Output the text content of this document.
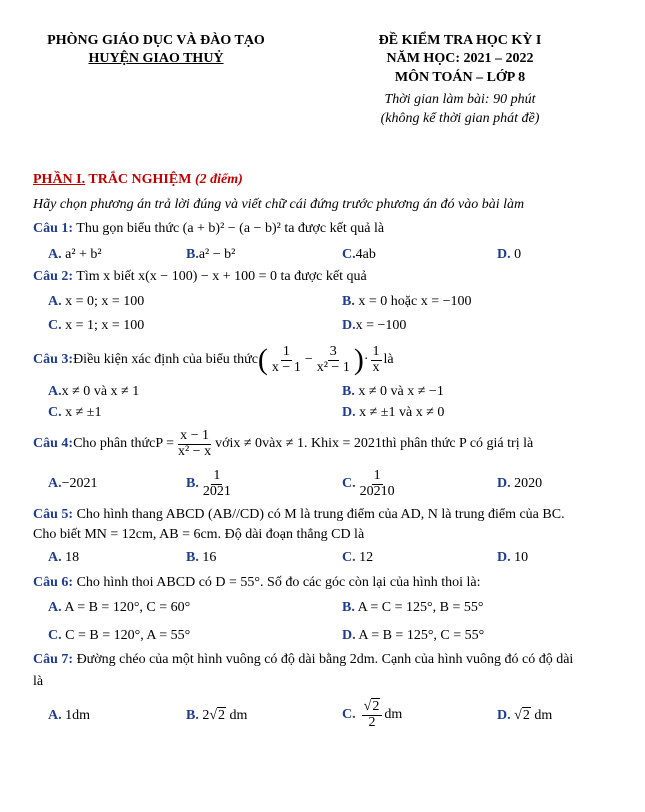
PHÒNG GIÁO DỤC VÀ ĐÀO TẠO
HUYỆN GIAO THUỶ
ĐỀ KIỂM TRA HỌC KỲ I
NĂM HỌC: 2021 – 2022
MÔN TOÁN – LỚP 8
Thời gian làm bài: 90 phút
(không kể thời gian phát đề)
PHẦN I. TRẮC NGHIỆM (2 điểm)
Hãy chọn phương án trả lời đúng và viết chữ cái đứng trước phương án đó vào bài làm
Câu 1: Thu gọn biểu thức (a + b)² − (a − b)² ta được kết quả là
A. a² + b²	B.a² − b²	C.4ab	D. 0
Câu 2: Tìm x biết x(x − 100) − x + 100 = 0 ta được kết quả
A. x = 0; x = 100	B. x = 0 hoặc x = −100
C. x = 1; x = 100	D.x = −100
Câu 3: Điều kiện xác định của biểu thức ( $\frac{1}{x - 1} - \frac{3}{\text{x² − 1}}$ ) · $\frac{1}{x}$ là
A.x ≠ 0 và x ≠ 1	B. x ≠ 0 và x ≠ −1
C. x ≠ ±1	D. x ≠ ±1 và x ≠ 0
Câu 4: Cho phân thức $P = \frac{x - 1}{\text{x² − x}}$ với x ≠ 0 và x ≠ 1 . Khi x = 2021 thì phân thức P có giá trị là
A.−2021	B. $\frac{1}{2021}$	C. $\frac{1}{20210}$	D. 2020
Câu 5: Cho hình thang ABCD (AB//CD) có M là trung điểm của AD, N là trung điểm của BC.
Cho biết MN = 12cm, AB = 6cm. Độ dài đoạn thẳng CD là
A. 18	B. 16	C. 12	D. 10
Câu 6: Cho hình thoi ABCD có D = 55°. Số đo các góc còn lại của hình thoi là:
A. A = B = 120°, C = 60°	B. A = C = 125°, B = 55°
C. C = B = 120°, A = 55°	D. A = B = 125°, C = 55°
Câu 7: Đường chéo của một hình vuông có độ dài bằng 2dm. Cạnh của hình vuông đó có độ dài
là
A. 1dm	B. 2√2 dm	C. $\frac{√2}{2}$ dm	D. √2 dm
